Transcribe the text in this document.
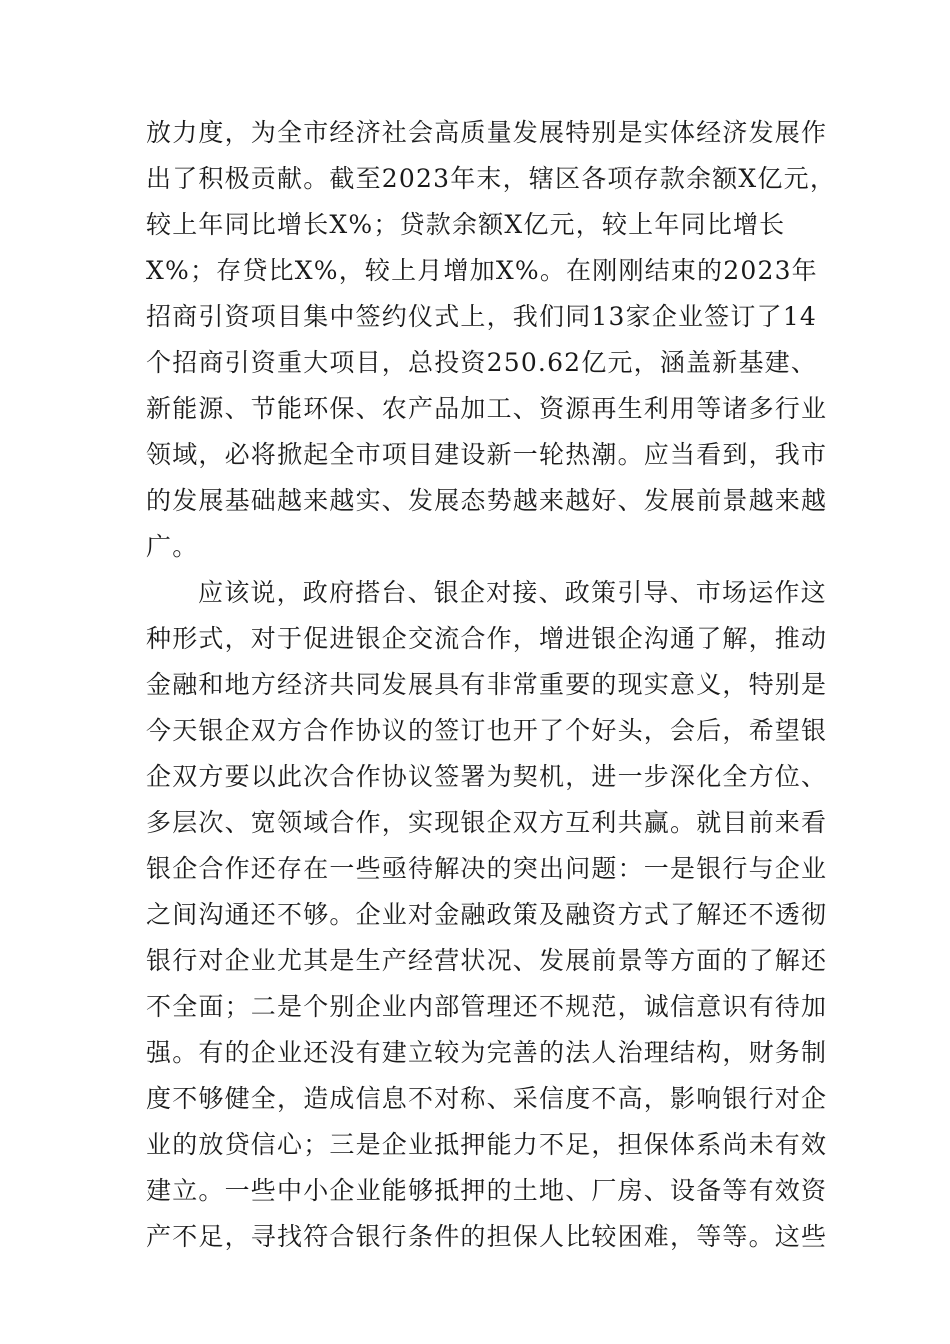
放力度，为全市经济社会高质量发展特别是实体经济发展作
出了积极贡献。截至2023年末，辖区各项存款余额X亿元，
较上年同比增长X%；贷款余额X亿元，较上年同比增长
X%；存贷比X%，较上月增加X%。在刚刚结束的2023年
招商引资项目集中签约仪式上，我们同13家企业签订了14
个招商引资重大项目，总投资250.62亿元，涵盖新基建、
新能源、节能环保、农产品加工、资源再生利用等诸多行业
领域，必将掀起全市项目建设新一轮热潮。应当看到，我市
的发展基础越来越实、发展态势越来越好、发展前景越来越
广。
应该说，政府搭台、银企对接、政策引导、市场运作这
种形式，对于促进银企交流合作，增进银企沟通了解，推动
金融和地方经济共同发展具有非常重要的现实意义，特别是
今天银企双方合作协议的签订也开了个好头，会后，希望银
企双方要以此次合作协议签署为契机，进一步深化全方位、
多层次、宽领域合作，实现银企双方互利共赢。就目前来看
银企合作还存在一些亟待解决的突出问题：一是银行与企业
之间沟通还不够。企业对金融政策及融资方式了解还不透彻
银行对企业尤其是生产经营状况、发展前景等方面的了解还
不全面；二是个别企业内部管理还不规范，诚信意识有待加
强。有的企业还没有建立较为完善的法人治理结构，财务制
度不够健全，造成信息不对称、采信度不高，影响银行对企
业的放贷信心；三是企业抵押能力不足，担保体系尚未有效
建立。一些中小企业能够抵押的土地、厂房、设备等有效资
产不足，寻找符合银行条件的担保人比较困难，等等。这些
